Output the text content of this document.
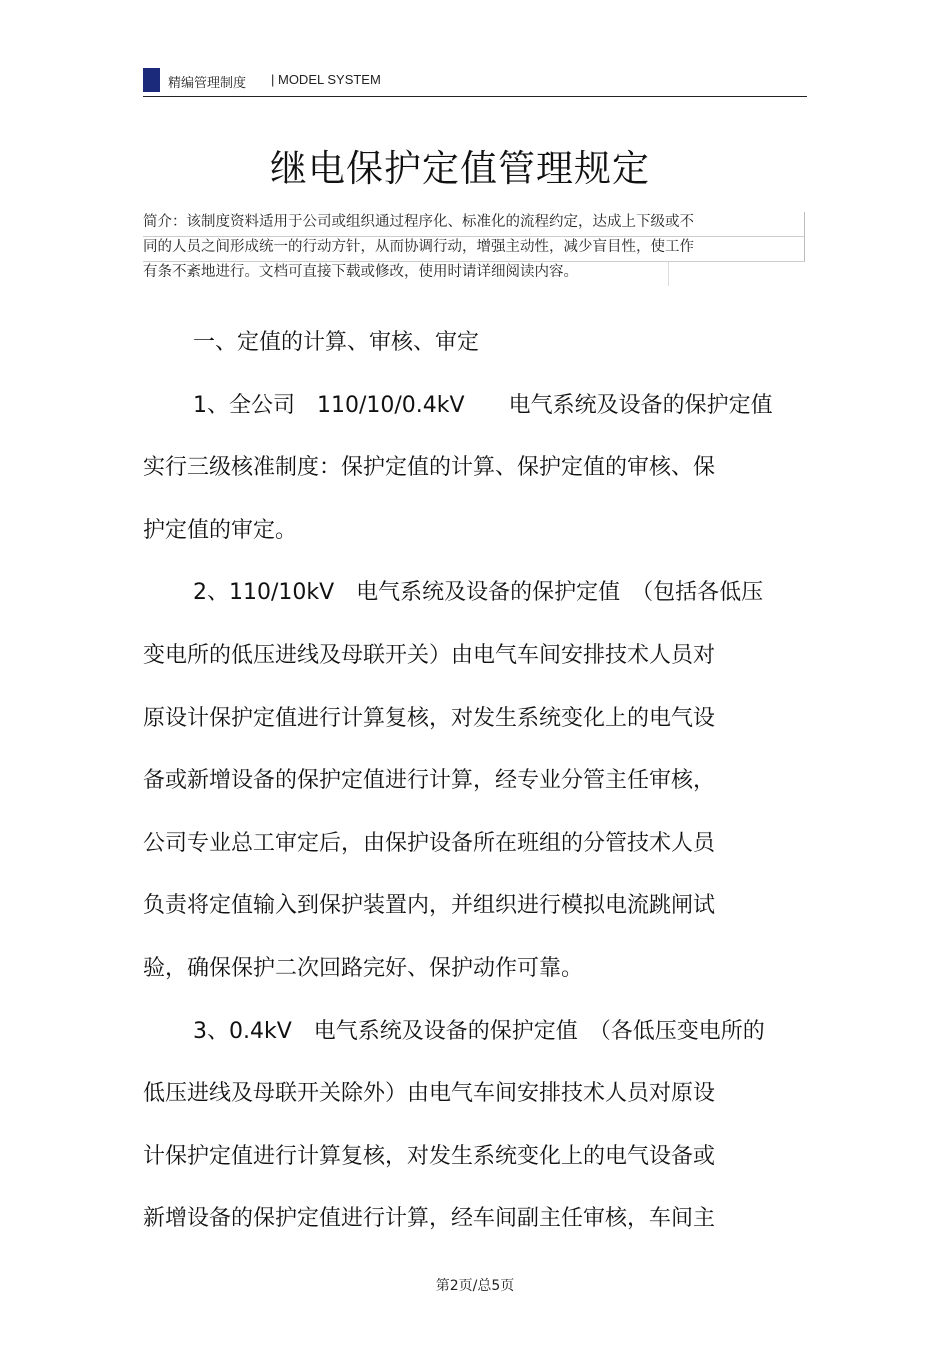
精编管理制度 | MODEL SYSTEM
继电保护定值管理规定
简介：该制度资料适用于公司或组织通过程序化、标准化的流程约定，达成上下级或不
同的人员之间形成统一的行动方针，从而协调行动，增强主动性，减少盲目性，使工作
有条不紊地进行。文档可直接下载或修改，使用时请详细阅读内容。
一、定值的计算、审核、审定
1、全公司　110/10/0.4kV　　电气系统及设备的保护定值
实行三级核准制度：保护定值的计算、保护定值的审核、保
护定值的审定。
2、110/10kV　电气系统及设备的保护定值　（包括各低压
变电所的低压进线及母联开关）由电气车间安排技术人员对
原设计保护定值进行计算复核，对发生系统变化上的电气设
备或新增设备的保护定值进行计算，经专业分管主任审核，
公司专业总工审定后，由保护设备所在班组的分管技术人员
负责将定值输入到保护装置内，并组织进行模拟电流跳闸试
验，确保保护二次回路完好、保护动作可靠。
3、0.4kV　电气系统及设备的保护定值　（各低压变电所的
低压进线及母联开关除外）由电气车间安排技术人员对原设
计保护定值进行计算复核，对发生系统变化上的电气设备或
新增设备的保护定值进行计算，经车间副主任审核，车间主
第2页/总5页
